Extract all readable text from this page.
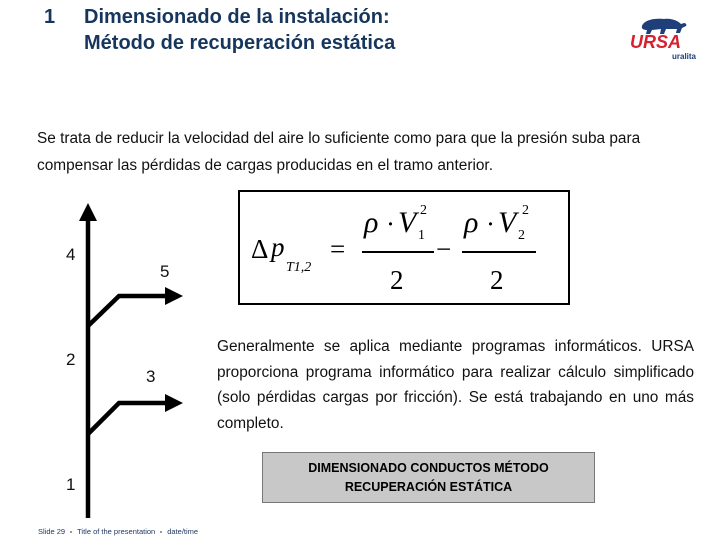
1 Dimensionado de la instalación:
Método de recuperación estática	URSA
uralita
Se trata de reducir la velocidad del aire lo suficiente como para que la presión suba para compensar las pérdidas de cargas producidas en el tramo anterior.
4
5
2
3
1
Δ p
T1,2
=
ρ · V 1
2
2
−
ρ · V 2
2
2
Generalmente se aplica mediante programas informáticos. URSA proporciona programa informático para realizar cálculo simplificado (solo pérdidas cargas por fricción). Se está trabajando en uno más completo.
DIMENSIONADO CONDUCTOS MÉTODO RECUPERACIÓN ESTÁTICA
Slide 29 Title of the presentation date/time
